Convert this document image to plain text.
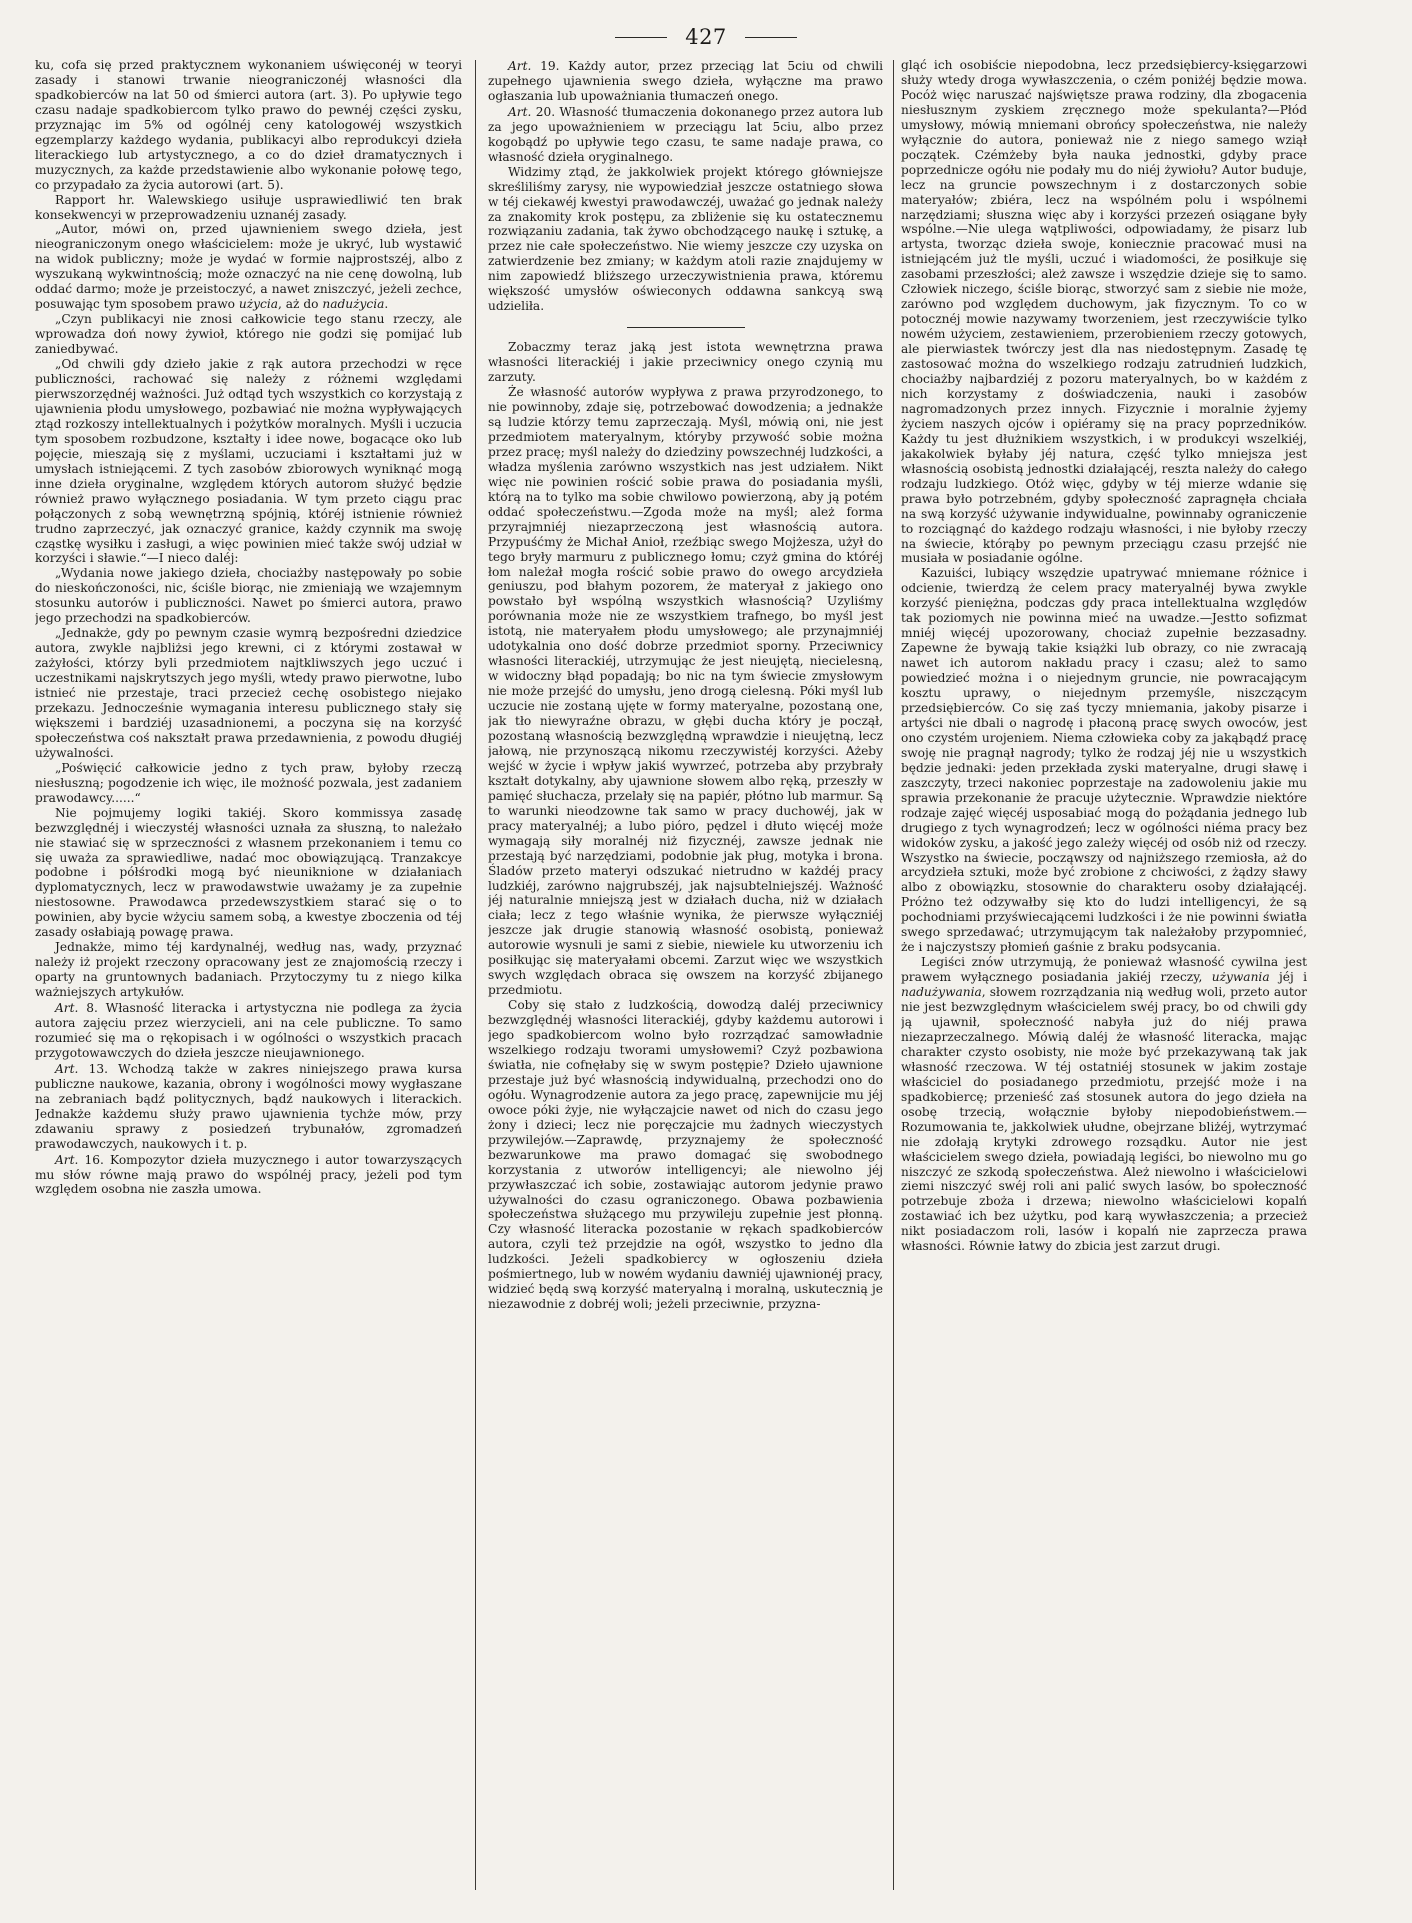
427

ku, cofa się przed praktycznem wykonaniem uświęconéj w teoryi zasady i stanowi trwanie nieograniczonéj własności dla spadkobierców na lat 50 od śmierci autora (art. 3). Po upływie tego czasu nadaje spadkobiercom tylko prawo do pewnéj części zysku, przyznając im 5% od ogólnéj ceny katologowéj wszystkich egzemplarzy każdego wydania, publikacyi albo reprodukcyi dzieła literackiego lub artystycznego, a co do dzieł dramatycznych i muzycznych, za każde przedstawienie albo wykonanie połowę tego, co przypadało za życia autorowi (art. 5).

Rapport hr. Walewskiego usiłuje usprawiedliwić ten brak konsekwencyi w przeprowadzeniu uznanéj zasady.

„Autor, mówi on, przed ujawnieniem swego dzieła, jest nieograniczonym onego właścicielem: może je ukryć, lub wystawić na widok publiczny; może je wydać w formie najprostszéj, albo z wyszukaną wykwintnością; może oznaczyć na nie cenę dowolną, lub oddać darmo; może je przeistoczyć, a nawet zniszczyć, jeżeli zechce, posuwając tym sposobem prawo użycia, aż do nadużycia.

„Czyn publikacyi nie znosi całkowicie tego stanu rzeczy, ale wprowadza doń nowy żywioł, którego nie godzi się pomijać lub zaniedbywać.

„Od chwili gdy dzieło jakie z rąk autora przechodzi w ręce publiczności, rachować się należy z różnemi względami pierwszorzędnéj ważności. Już odtąd tych wszystkich co korzystają z ujawnienia płodu umysłowego, pozbawiać nie można wypływających ztąd rozkoszy intellektualnych i pożytków moralnych. Myśli i uczucia tym sposobem rozbudzone, kształty i idee nowe, bogacące oko lub pojęcie, mieszają się z myślami, uczuciami i kształtami już w umysłach istniejącemi. Z tych zasobów zbiorowych wyniknąć mogą inne dzieła oryginalne, względem których autorom służyć będzie również prawo wyłącznego posiadania. W tym przeto ciągu prac połączonych z sobą wewnętrzną spójnią, któréj istnienie również trudno zaprzeczyć, jak oznaczyć granice, każdy czynnik ma swoję cząstkę wysiłku i zasługi, a więc powinien mieć także swój udział w korzyści i sławie.“—I nieco daléj:

„Wydania nowe jakiego dzieła, chociażby następowały po sobie do nieskończoności, nic, ściśle biorąc, nie zmieniają we wzajemnym stosunku autorów i publiczności. Nawet po śmierci autora, prawo jego przechodzi na spadkobierców.

„Jednakże, gdy po pewnym czasie wymrą bezpośredni dziedzice autora, zwykle najbliżsi jego krewni, ci z którymi zostawał w zażyłości, którzy byli przedmiotem najtkliwszych jego uczuć i uczestnikami najskrytszych jego myśli, wtedy prawo pierwotne, lubo istnieć nie przestaje, traci przecież cechę osobistego niejako przekazu. Jednocześnie wymagania interesu publicznego stały się większemi i bardziéj uzasadnionemi, a poczyna się na korzyść społeczeństwa coś nakształt prawa przedawnienia, z powodu długiéj używalności.

„Poświęcić całkowicie jedno z tych praw, byłoby rzeczą niesłuszną; pogodzenie ich więc, ile możność pozwala, jest zadaniem prawodawcy......“

Nie pojmujemy logiki takiéj. Skoro kommissya zasadę bezwzględnéj i wieczystéj własności uznała za słuszną, to należało nie stawiać się w sprzeczności z własnem przekonaniem i temu co się uważa za sprawiedliwe, nadać moc obowiązującą. Tranzakcye podobne i półśrodki mogą być nieuniknione w działaniach dyplomatycznych, lecz w prawodawstwie uważamy je za zupełnie niestosowne. Prawodawca przedewszystkiem starać się o to powinien, aby bycie wżyciu samem sobą, a kwestye zboczenia od téj zasady osłabiają powagę prawa.

Jednakże, mimo téj kardynalnéj, według nas, wady, przyznać należy iż projekt rzeczony opracowany jest ze znajomością rzeczy i oparty na gruntownych badaniach. Przytoczymy tu z niego kilka ważniejszych artykułów.

Art. 8. Własność literacka i artystyczna nie podlega za życia autora zajęciu przez wierzycieli, ani na cele publiczne. To samo rozumieć się ma o rękopisach i w ogólności o wszystkich pracach przygotowawczych do dzieła jeszcze nieujawnionego.

Art. 13. Wchodzą także w zakres niniejszego prawa kursa publiczne naukowe, kazania, obrony i wogólności mowy wygłaszane na zebraniach bądź politycznych, bądź naukowych i literackich. Jednakże każdemu służy prawo ujawnienia tychże mów, przy zdawaniu sprawy z posiedzeń trybunałów, zgromadzeń prawodawczych, naukowych i t. p.

Art. 16. Kompozytor dzieła muzycznego i autor towarzyszących mu słów równe mają prawo do wspólnéj pracy, jeżeli pod tym względem osobna nie zaszła umowa.

Art. 19. Każdy autor, przez przeciąg lat 5ciu od chwili zupełnego ujawnienia swego dzieła, wyłączne ma prawo ogłaszania lub upoważniania tłumaczeń onego.

Art. 20. Własność tłumaczenia dokonanego przez autora lub za jego upoważnieniem w przeciągu lat 5ciu, albo przez kogobądź po upływie tego czasu, te same nadaje prawa, co własność dzieła oryginalnego.

Widzimy ztąd, że jakkolwiek projekt którego główniejsze skreśliliśmy zarysy, nie wypowiedział jeszcze ostatniego słowa w téj ciekawéj kwestyi prawodawczéj, uważać go jednak należy za znakomity krok postępu, za zbliżenie się ku ostatecznemu rozwiązaniu zadania, tak żywo obchodzącego naukę i sztukę, a przez nie całe społeczeństwo. Nie wiemy jeszcze czy uzyska on zatwierdzenie bez zmiany; w każdym atoli razie znajdujemy w nim zapowiedź bliższego urzeczywistnienia prawa, któremu większość umysłów oświeconych oddawna sankcyą swą udzieliła.

Zobaczmy teraz jaką jest istota wewnętrzna prawa własności literackiéj i jakie przeciwnicy onego czynią mu zarzuty.

Że własność autorów wypływa z prawa przyrodzonego, to nie powinnoby, zdaje się, potrzebować dowodzenia; a jednakże są ludzie którzy temu zaprzeczają. Myśl, mówią oni, nie jest przedmiotem materyalnym, któryby przywość sobie można przez pracę; myśl należy do dziedziny powszechnéj ludzkości, a władza myślenia zarówno wszystkich nas jest udziałem. Nikt więc nie powinien rościć sobie prawa do posiadania myśli, którą na to tylko ma sobie chwilowo powierzoną, aby ją potém oddać społeczeństwu.—Zgoda może na myśl; ależ forma przyrajmniéj niezaprzeczoną jest własnością autora. Przypuśćmy że Michał Anioł, rzeźbiąc swego Mojżesza, użył do tego bryły marmuru z publicznego łomu; czyż gmina do któréj łom należał mogła rościć sobie prawo do owego arcydzieła geniuszu, pod błahym pozorem, że materyał z jakiego ono powstało był wspólną wszystkich własnością? Uzyliśmy porównania może nie ze wszystkiem trafnego, bo myśl jest istotą, nie materyałem płodu umysłowego; ale przynajmniéj udotykalnia ono dość dobrze przedmiot sporny. Przeciwnicy własności literackiéj, utrzymując że jest nieujętą, niecielesną, w widoczny błąd popadają; bo nic na tym świecie zmysłowym nie może przejść do umysłu, jeno drogą cielesną. Póki myśl lub uczucie nie zostaną ujęte w formy materyalne, pozostaną one, jak tło niewyraźne obrazu, w głębi ducha który je począł, pozostaną własnością bezwzględną wprawdzie i nieujętną, lecz jałową, nie przynoszącą nikomu rzeczywistéj korzyści. Ażeby wejść w życie i wpływ jakiś wywrzeć, potrzeba aby przybrały kształt dotykalny, aby ujawnione słowem albo ręką, przeszły w pamięć słuchacza, przelały się na papiér, płótno lub marmur. Są to warunki nieodzowne tak samo w pracy duchowéj, jak w pracy materyalnéj; a lubo pióro, pędzel i dłuto więcéj może wymagają siły moralnéj niż fizycznéj, zawsze jednak nie przestają być narzędziami, podobnie jak pług, motyka i brona. Śladów przeto materyi odszukać nietrudno w każdéj pracy ludzkiéj, zarówno najgrubszéj, jak najsubtelniejszéj. Ważność jéj naturalnie mniejszą jest w działach ducha, niż w działach ciała; lecz z tego właśnie wynika, że pierwsze wyłączniéj jeszcze jak drugie stanowią własność osobistą, ponieważ autorowie wysnuli je sami z siebie, niewiele ku utworzeniu ich posiłkując się materyałami obcemi. Zarzut więc we wszystkich swych względach obraca się owszem na korzyść zbijanego przedmiotu.

Coby się stało z ludzkością, dowodzą daléj przeciwnicy bezwzględnéj własności literackiéj, gdyby każdemu autorowi i jego spadkobiercom wolno było rozrządzać samowładnie wszelkiego rodzaju tworami umysłowemi? Czyż pozbawiona światła, nie cofnęłaby się w swym postępie? Dzieło ujawnione przestaje już być własnością indywidualną, przechodzi ono do ogółu. Wynagrodzenie autora za jego pracę, zapewnijcie mu jéj owoce póki żyje, nie wyłączajcie nawet od nich do czasu jego żony i dzieci; lecz nie poręczajcie mu żadnych wieczystych przywilejów.—Zaprawdę, przyznajemy że społeczność bezwarunkowe ma prawo domagać się swobodnego korzystania z utworów intelligencyi; ale niewolno jéj przywłaszczać ich sobie, zostawiając autorom jedynie prawo używalności do czasu ograniczonego. Obawa pozbawienia społeczeństwa służącego mu przywileju zupełnie jest płonną. Czy własność literacka pozostanie w rękach spadkobierców autora, czyli też przejdzie na ogół, wszystko to jedno dla ludzkości. Jeżeli spadkobiercy w ogłoszeniu dzieła pośmiertnego, lub w nowém wydaniu dawniéj ujawnionéj pracy, widzieć będą swą korzyść materyalną i moralną, uskutecznią je niezawodnie z dobréj woli; jeżeli przeciwnie, przyzna-

gląć ich osobiście niepodobna, lecz przedsiębiercy-księgarzowi służy wtedy droga wywłaszczenia, o czém poniżéj będzie mowa. Pocóż więc naruszać najświętsze prawa rodziny, dla zbogacenia niesłusznym zyskiem zręcznego może spekulanta?—Płód umysłowy, mówią mniemani obrońcy społeczeństwa, nie należy wyłącznie do autora, ponieważ nie z niego samego wziął początek. Czémżeby była nauka jednostki, gdyby prace poprzednicze ogółu nie podały mu do niéj żywiołu? Autor buduje, lecz na gruncie powszechnym i z dostarczonych sobie materyałów; zbiéra, lecz na wspólném polu i wspólnemi narzędziami; słuszna więc aby i korzyści przezeń osiągane były wspólne.—Nie ulega wątpliwości, odpowiadamy, że pisarz lub artysta, tworząc dzieła swoje, koniecznie pracować musi na istniejącém już tle myśli, uczuć i wiadomości, że posiłkuje się zasobami przeszłości; ależ zawsze i wszędzie dzieje się to samo. Człowiek niczego, ściśle biorąc, stworzyć sam z siebie nie może, zarówno pod względem duchowym, jak fizycznym. To co w potocznéj mowie nazywamy tworzeniem, jest rzeczywiście tylko nowém użyciem, zestawieniem, przerobieniem rzeczy gotowych, ale pierwiastek twórczy jest dla nas niedostępnym. Zasadę tę zastosować można do wszelkiego rodzaju zatrudnień ludzkich, chociażby najbardziéj z pozoru materyalnych, bo w każdém z nich korzystamy z doświadczenia, nauki i zasobów nagromadzonych przez innych. Fizycznie i moralnie żyjemy życiem naszych ojców i opiéramy się na pracy poprzedników. Każdy tu jest dłużnikiem wszystkich, i w produkcyi wszelkiéj, jakakolwiek byłaby jéj natura, część tylko mniejsza jest własnością osobistą jednostki działającéj, reszta należy do całego rodzaju ludzkiego. Otóż więc, gdyby w téj mierze wdanie się prawa było potrzebném, gdyby społeczność zapragnęła chciała na swą korzyść używanie indywidualne, powinnaby ograniczenie to rozciągnąć do każdego rodzaju własności, i nie byłoby rzeczy na świecie, którąby po pewnym przeciągu czasu przejść nie musiała w posiadanie ogólne.

Kazuiści, lubiący wszędzie upatrywać mniemane różnice i odcienie, twierdzą że celem pracy materyalnéj bywa zwykle korzyść pieniężna, podczas gdy praca intellektualna względów tak poziomych nie powinna mieć na uwadze.—Jestto sofizmat mniéj więcéj upozorowany, chociaż zupełnie bezzasadny. Zapewne że bywają takie książki lub obrazy, co nie zwracają nawet ich autorom nakładu pracy i czasu; ależ to samo powiedzieć można i o niejednym gruncie, nie powracającym kosztu uprawy, o niejednym przemyśle, niszczącym przedsiębierców. Co się zaś tyczy mniemania, jakoby pisarze i artyści nie dbali o nagrodę i płaconą pracę swych owoców, jest ono czystém urojeniem. Niema człowieka coby za jakąbądź pracę swoję nie pragnął nagrody; tylko że rodzaj jéj nie u wszystkich będzie jednaki: jeden przekłada zyski materyalne, drugi sławę i zaszczyty, trzeci nakoniec poprzestaje na zadowoleniu jakie mu sprawia przekonanie że pracuje użytecznie. Wprawdzie niektóre rodzaje zajęć więcéj usposabiać mogą do pożądania jednego lub drugiego z tych wynagrodzeń; lecz w ogólności niéma pracy bez widoków zysku, a jakość jego zależy więcéj od osób niż od rzeczy. Wszystko na świecie, począwszy od najniższego rzemiosła, aż do arcydzieła sztuki, może być zrobione z chciwości, z żądzy sławy albo z obowiązku, stosownie do charakteru osoby działającéj. Próżno też odzywałby się kto do ludzi intelligencyi, że są pochodniami przyświecającemi ludzkości i że nie powinni światła swego sprzedawać; utrzymującym tak należałoby przypomnieć, że i najczystszy płomień gaśnie z braku podsycania.

Legiści znów utrzymują, że ponieważ własność cywilna jest prawem wyłącznego posiadania jakiéj rzeczy, używania jéj i nadużywania, słowem rozrządzania nią według woli, przeto autor nie jest bezwzględnym właścicielem swéj pracy, bo od chwili gdy ją ujawnił, społeczność nabyła już do niéj prawa niezaprzeczalnego. Mówią daléj że własność literacka, mając charakter czysto osobisty, nie może być przekazywaną tak jak własność rzeczowa. W téj ostatniéj stosunek w jakim zostaje właściciel do posiadanego przedmiotu, przejść może i na spadkobiercę; przenieść zaś stosunek autora do jego dzieła na osobę trzecią, wołącznie byłoby niepodobieństwem.—Rozumowania te, jakkolwiek ułudne, obejrzane bliżéj, wytrzymać nie zdołają krytyki zdrowego rozsądku. Autor nie jest właścicielem swego dzieła, powiadają legiści, bo niewolno mu go niszczyć ze szkodą społeczeństwa. Ależ niewolno i właścicielowi ziemi niszczyć swéj roli ani palić swych lasów, bo społeczność potrzebuje zboża i drzewa; niewolno właścicielowi kopalń zostawiać ich bez użytku, pod karą wywłaszczenia; a przecież nikt posiadaczom roli, lasów i kopalń nie zaprzecza prawa własności. Równie łatwy do zbicia jest zarzut drugi.
